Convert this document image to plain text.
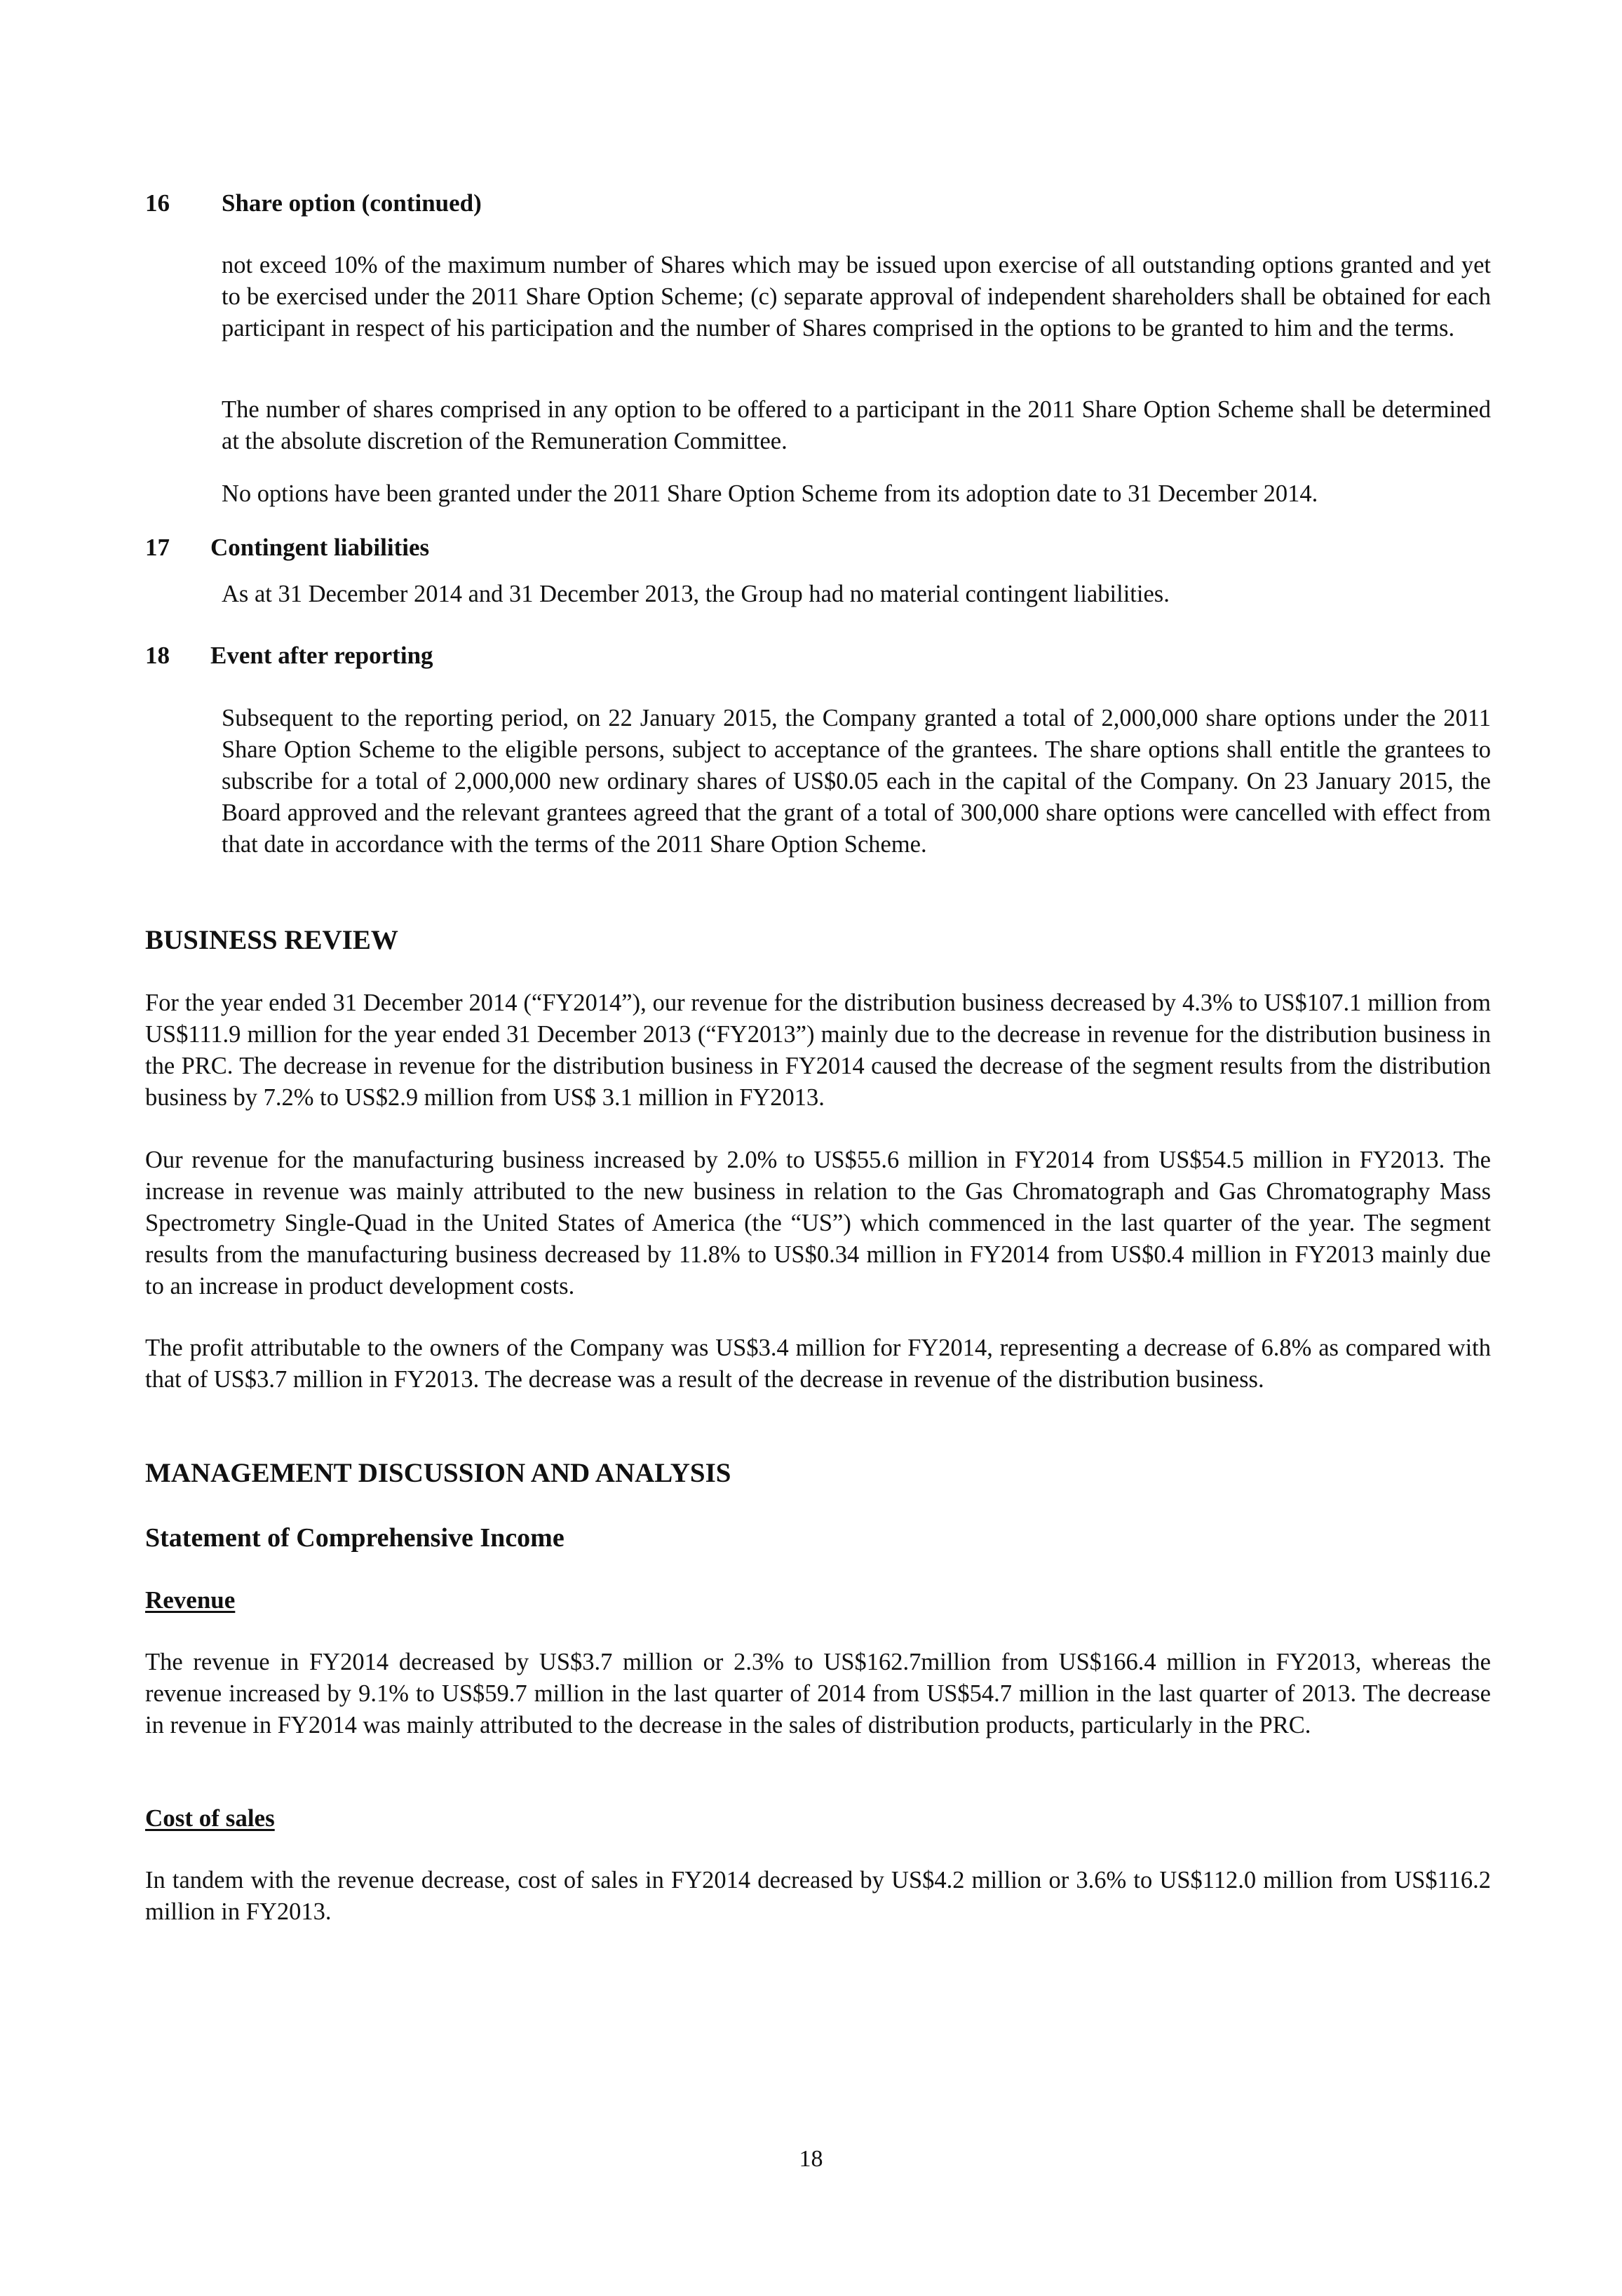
16 Share option (continued)
not exceed 10% of the maximum number of Shares which may be issued upon exercise of all outstanding options granted and yet to be exercised under the 2011 Share Option Scheme; (c) separate approval of independent shareholders shall be obtained for each participant in respect of his participation and the number of Shares comprised in the options to be granted to him and the terms.
The number of shares comprised in any option to be offered to a participant in the 2011 Share Option Scheme shall be determined at the absolute discretion of the Remuneration Committee.
No options have been granted under the 2011 Share Option Scheme from its adoption date to 31 December 2014.
17 Contingent liabilities
As at 31 December 2014 and 31 December 2013, the Group had no material contingent liabilities.
18 Event after reporting
Subsequent to the reporting period, on 22 January 2015, the Company granted a total of 2,000,000 share options under the 2011 Share Option Scheme to the eligible persons, subject to acceptance of the grantees. The share options shall entitle the grantees to subscribe for a total of 2,000,000 new ordinary shares of US$0.05 each in the capital of the Company. On 23 January 2015, the Board approved and the relevant grantees agreed that the grant of a total of 300,000 share options were cancelled with effect from that date in accordance with the terms of the 2011 Share Option Scheme.
BUSINESS REVIEW
For the year ended 31 December 2014 (“FY2014”), our revenue for the distribution business decreased by 4.3% to US$107.1 million from US$111.9 million for the year ended 31 December 2013 (“FY2013”) mainly due to the decrease in revenue for the distribution business in the PRC. The decrease in revenue for the distribution business in FY2014 caused the decrease of the segment results from the distribution business by 7.2% to US$2.9 million from US$ 3.1 million in FY2013.
Our revenue for the manufacturing business increased by 2.0% to US$55.6 million in FY2014 from US$54.5 million in FY2013. The increase in revenue was mainly attributed to the new business in relation to the Gas Chromatograph and Gas Chromatography Mass Spectrometry Single-Quad in the United States of America (the “US”) which commenced in the last quarter of the year. The segment results from the manufacturing business decreased by 11.8% to US$0.34 million in FY2014 from US$0.4 million in FY2013 mainly due to an increase in product development costs.
The profit attributable to the owners of the Company was US$3.4 million for FY2014, representing a decrease of 6.8% as compared with that of US$3.7 million in FY2013. The decrease was a result of the decrease in revenue of the distribution business.
MANAGEMENT DISCUSSION AND ANALYSIS
Statement of Comprehensive Income
Revenue
The revenue in FY2014 decreased by US$3.7 million or 2.3% to US$162.7million from US$166.4 million in FY2013, whereas the revenue increased by 9.1% to US$59.7 million in the last quarter of 2014 from US$54.7 million in the last quarter of 2013. The decrease in revenue in FY2014 was mainly attributed to the decrease in the sales of distribution products, particularly in the PRC.
Cost of sales
In tandem with the revenue decrease, cost of sales in FY2014 decreased by US$4.2 million or 3.6% to US$112.0 million from US$116.2 million in FY2013.
18
